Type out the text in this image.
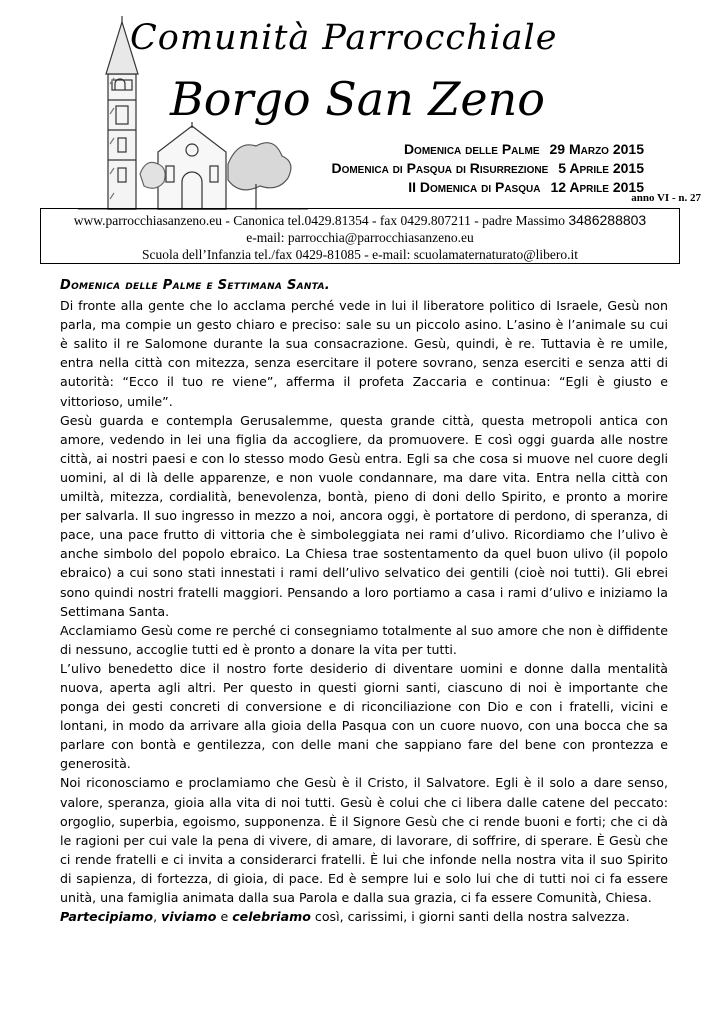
Comunità Parrocchiale
Borgo San Zeno
Domenica delle Palme 29 Marzo 2015
Domenica di Pasqua di Risurrezione 5 Aprile 2015
II Domenica di Pasqua 12 Aprile 2015
anno VI - n. 27
www.parrocchiasanzeno.eu - Canonica tel.0429.81354 - fax 0429.807211 - padre Massimo 3486288803
e-mail: parrocchia@parrocchiasanzeno.eu
Scuola dell’Infanzia tel./fax 0429-81085 - e-mail: scuolamaternaturato@libero.it
Domenica delle Palme e Settimana Santa.

Di fronte alla gente che lo acclama perché vede in lui il liberatore politico di Israele, Gesù non parla, ma compie un gesto chiaro e preciso: sale su un piccolo asino. L’asino è l’animale su cui è salito il re Salomone durante la sua consacrazione. Gesù, quindi, è re. Tuttavia è re umile, entra nella città con mitezza, senza esercitare il potere sovrano, senza eserciti e senza atti di autorità: “Ecco il tuo re viene”, afferma il profeta Zaccaria e continua: “Egli è giusto e vittorioso, umile”.

Gesù guarda e contempla Gerusalemme, questa grande città, questa metropoli antica con amore, vedendo in lei una figlia da accogliere, da promuovere. E così oggi guarda alle nostre città, ai nostri paesi e con lo stesso modo Gesù entra. Egli sa che cosa si muove nel cuore degli uomini, al di là delle apparenze, e non vuole condannare, ma dare vita. Entra nella città con umiltà, mitezza, cordialità, benevolenza, bontà, pieno di doni dello Spirito, e pronto a morire per salvarla. Il suo ingresso in mezzo a noi, ancora oggi, è portatore di perdono, di speranza, di pace, una pace frutto di vittoria che è simboleggiata nei rami d’ulivo. Ricordiamo che l’ulivo è anche simbolo del popolo ebraico. La Chiesa trae sostentamento da quel buon ulivo (il popolo ebraico) a cui sono stati innestati i rami dell’ulivo selvatico dei gentili (cioè noi tutti). Gli ebrei sono quindi nostri fratelli maggiori. Pensando a loro portiamo a casa i rami d’ulivo e iniziamo la Settimana Santa.

Acclamiamo Gesù come re perché ci consegniamo totalmente al suo amore che non è diffidente di nessuno, accoglie tutti ed è pronto a donare la vita per tutti.

L’ulivo benedetto dice il nostro forte desiderio di diventare uomini e donne dalla mentalità nuova, aperta agli altri. Per questo in questi giorni santi, ciascuno di noi è importante che ponga dei gesti concreti di conversione e di riconciliazione con Dio e con i fratelli, vicini e lontani, in modo da arrivare alla gioia della Pasqua con un cuore nuovo, con una bocca che sa parlare con bontà e gentilezza, con delle mani che sappiano fare del bene con prontezza e generosità.

Noi riconosciamo e proclamiamo che Gesù è il Cristo, il Salvatore. Egli è il solo a dare senso, valore, speranza, gioia alla vita di noi tutti. Gesù è colui che ci libera dalle catene del peccato: orgoglio, superbia, egoismo, supponenza. È il Signore Gesù che ci rende buoni e forti; che ci dà le ragioni per cui vale la pena di vivere, di amare, di lavorare, di soffrire, di sperare. È Gesù che ci rende fratelli e ci invita a considerarci fratelli. È lui che infonde nella nostra vita il suo Spirito di sapienza, di fortezza, di gioia, di pace. Ed è sempre lui e solo lui che di tutti noi ci fa essere unità, una famiglia animata dalla sua Parola e dalla sua grazia, ci fa essere Comunità, Chiesa.

Partecipiamo, viviamo e celebriamo così, carissimi, i giorni santi della nostra salvezza.
